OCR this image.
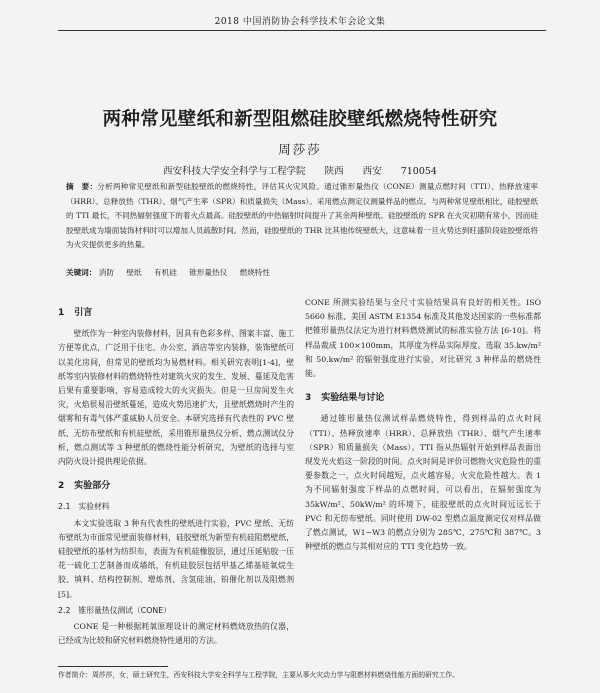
2018 中国消防协会科学技术年会论文集
两种常见壁纸和新型阻燃硅胶壁纸燃烧特性研究
周莎莎
西安科技大学安全科学与工程学院 陕西 西安 710054
摘　要：分析两种常见壁纸和新型硅胶壁纸的燃烧特性，评估其火灾风险。通过锥形量热仪（CONE）测量点燃时间（TTI）、热释放速率（HRR）、总释放热（THR）、烟气产生率（SPR）和质量损失（Mass）。采用燃点测定仪测量样品的燃点。与两种常见壁纸相比，硅胶壁纸的 TTI 最长，不同热辐射强度下的着火点最高。硅胶壁纸的中热辐射时间提升了其余两种壁纸。硅胶壁纸的 SPR 在火灾初期有常小，因而硅胶壁纸成为墙面装饰材料时可以增加人员疏散时间。然而，硅胶壁纸的 THR 比其他传统壁纸大，这意味着一旦火势达到旺盛阶段硅胶壁纸将为火灾提供更多的热量。
关键词： 消防 壁纸 有机硅 锥形量热仪 燃烧特性
1 引言

壁纸作为一种室内装修材料，因具有色彩多样、图案丰富、施工方便等优点，广泛用于住宅、办公室、酒店等室内装修，装饰壁纸可以美化房间，但常见的壁纸均为易燃材料。相关研究表明[1-4]，壁纸等室内装修材料的燃烧特性对建筑火灾的发生、发展、蔓延及危害后果有重要影响，容易造成较大的火灾损失。但是一旦房间发生火灾，火焰很易沿壁纸蔓延，造成火势迅速扩大，且壁纸燃烧时产生的烟雾和有毒气体严重威胁人员安全。本研究选择有代表性的 PVC 壁纸、无纺布壁纸和有机硅壁纸，采用锥形量热仪分析、燃点测试仪分析，燃点测试等 3 种壁纸的燃烧性能分析研究，为壁纸的选择与室内防火设计提供理论依据。

2 实验部分
2.1 实验材料

本文实验选取 3 种有代表性的壁纸进行实验，PVC 壁纸、无纺布壁纸为市面常见壁面装修材料，硅胶壁纸为新型有机硅阻燃壁纸，硅胶壁纸的基材为纺织布，表面为有机硅橡胶层，通过压延贴胶一压花一硫化工艺制备而成墙纸，有机硅胶层包括甲基乙烯基硅氧烷生胶、填料、结构控制剂、增炼剂、含氢硅油、铂催化剂以及阻燃剂[5]。

2.2 锥形量热仪测试（CONE）

CONE 是一种根据耗氧原理设计的测定材料燃烧放热的仪器，已经成为比较和研究材料燃烧特性通用的方法。

CONE 所测实验结果与全尺寸实验结果具有良好的相关性。ISO 5660 标准、美国 ASTM E1354 标准及其他发达国家的一些标准都把锥形量热仪法定为进行材料燃烧测试的标准实验方法 [6-10]。将样品裁成 100×100mm，其厚度为样品实际厚度。选取 35.kw/m² 和 50.kw/m² 的辐射强度进行实验，对比研究 3 种样品的燃烧性能。

3 实验结果与讨论

通过锥形量热仪测试样品燃烧特性，得到样品的点火时间（TTI）、热释放速率（HRR）、总释放热（THR）、烟气产生速率（SPR）和质量损失（Mass）。TTI 指从热辐射开始到样品表面出现发光火焰这一阶段的时间。点火时间是评价可燃物火灾危险性的重要参数之一，点火时间越短，点火越容易，火灾危险性越大。表 1 为不同辐射强度下样品的点燃时间，可以看出，在辐射强度为 35kW/m²、50kW/m² 的环境下，硅胶壁纸的点火时间远远长于 PVC 和无纺布壁纸。同时使用 DW-02 型燃点温度测定仪对样品做了燃点测试，W1~W3 的燃点分别为 285℃、275℃和 387℃。3 种壁纸的燃点与其相对应的 TTI 变化趋势一致。

作者简介：周莎莎，女，硕士研究生，西安科技大学安全科学与工程学院，主要从事火灾动力学与阻燃材料燃烧性能方面的研究工作。
